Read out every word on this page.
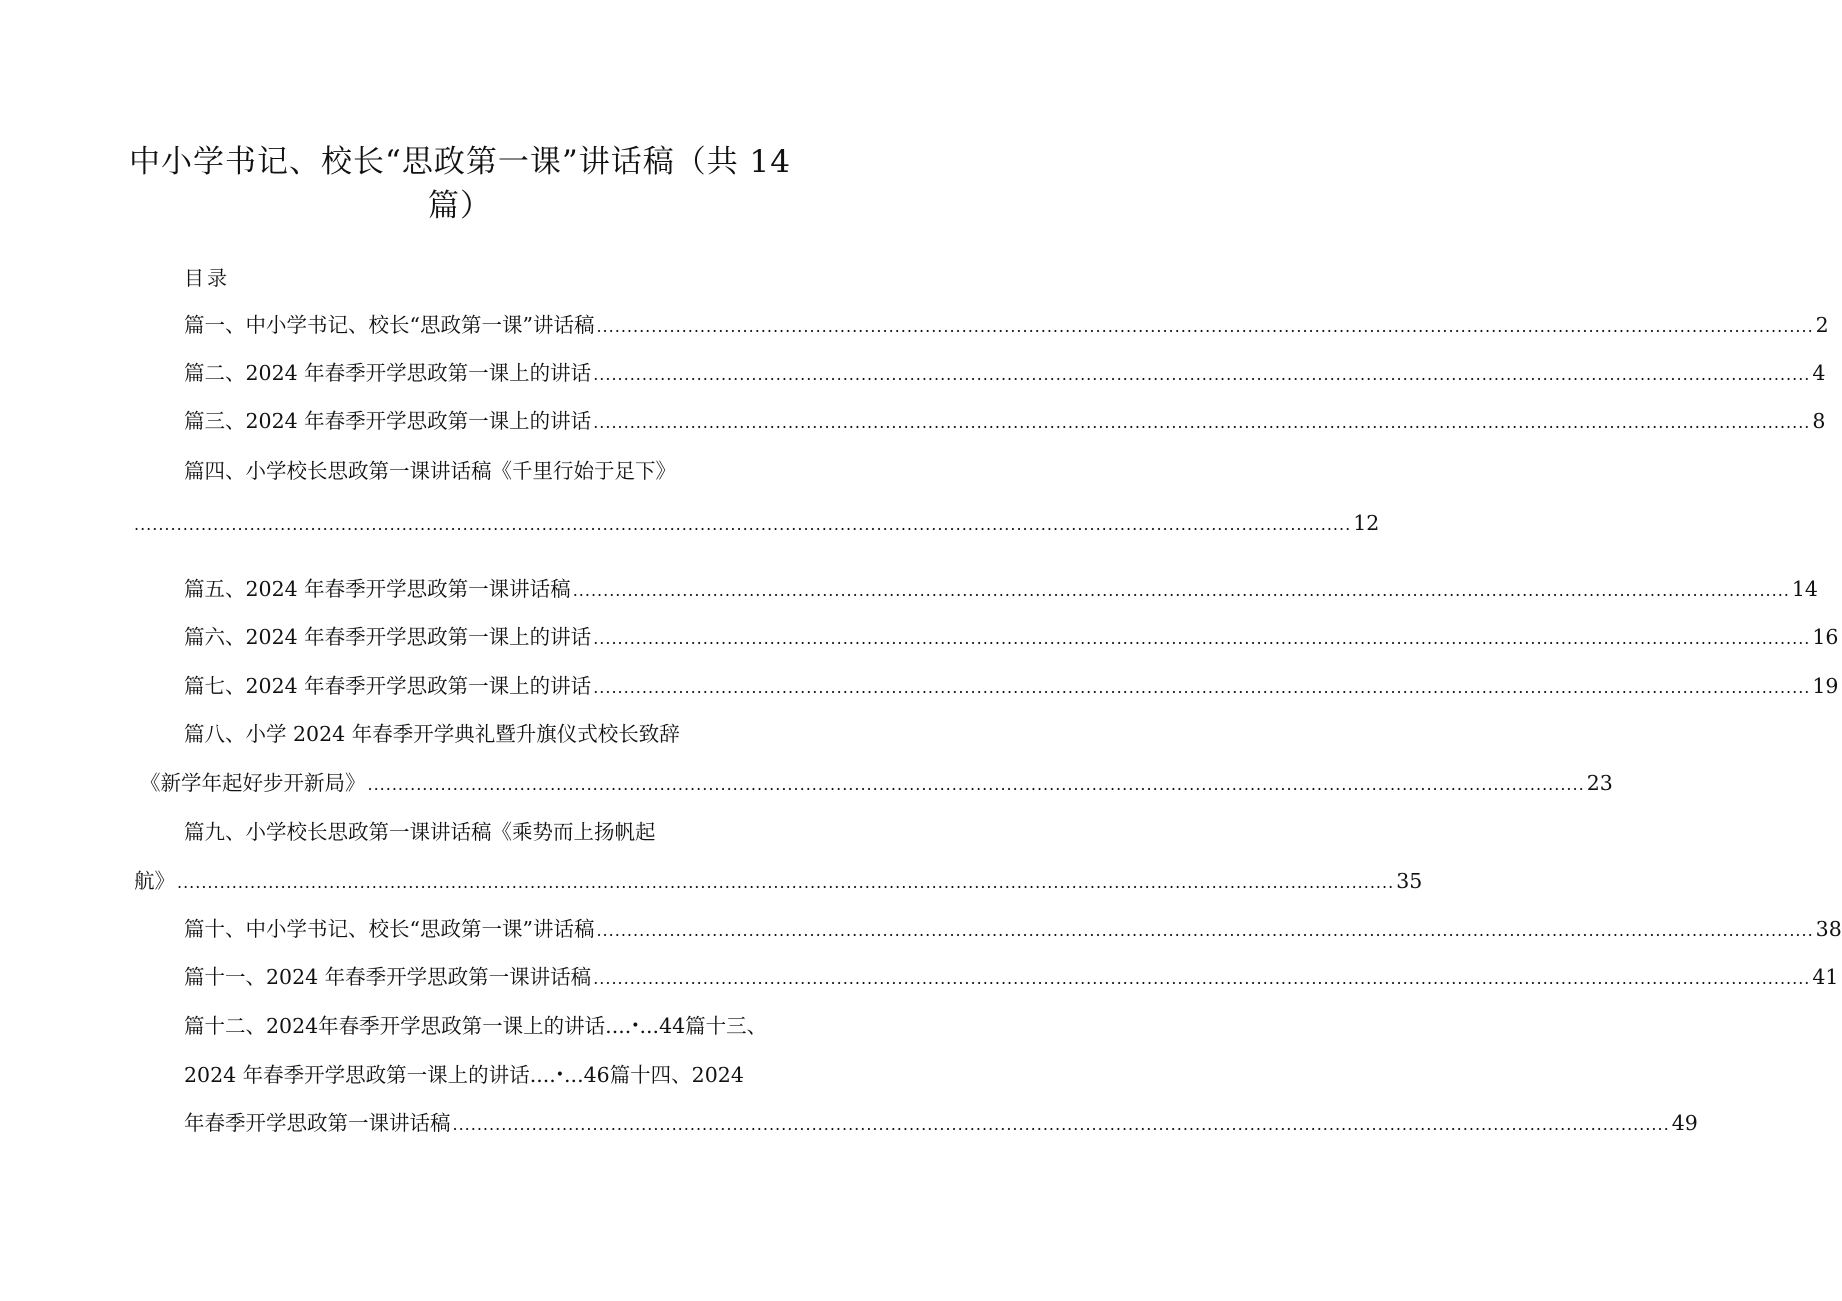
中小学书记、校长“思政第一课”讲话稿（共 14
篇）
目录
篇一、中小学书记、校长“思政第一课”讲话稿 ........................................................................................................................................................................................................ 2
篇二、2024 年春季开学思政第一课上的讲话 ........................................................................................................................................................................................................ 4
篇三、2024 年春季开学思政第一课上的讲话 ........................................................................................................................................................................................................ 8
篇四、小学校长思政第一课讲话稿《千里行始于足下》
........................................................................................................................................................................................................ 12
篇五、2024 年春季开学思政第一课讲话稿 ........................................................................................................................................................................................................ 14
篇六、2024 年春季开学思政第一课上的讲话 ........................................................................................................................................................................................................ 16
篇七、2024 年春季开学思政第一课上的讲话 ........................................................................................................................................................................................................ 19
篇八、小学 2024 年春季开学典礼暨升旗仪式校长致辞
《新学年起好步开新局》 ........................................................................................................................................................................................................ 23
篇九、小学校长思政第一课讲话稿《乘势而上扬帆起
航》 ........................................................................................................................................................................................................ 35
篇十、中小学书记、校长“思政第一课”讲话稿 ........................................................................................................................................................................................................ 38
篇十一、2024 年春季开学思政第一课讲话稿 ........................................................................................................................................................................................................ 41
篇十二、2024年春季开学思政第一课上的讲话....•...44篇十三、
2024 年春季开学思政第一课上的讲话....•...46篇十四、2024
年春季开学思政第一课讲话稿 ........................................................................................................................................................................................................ 49
